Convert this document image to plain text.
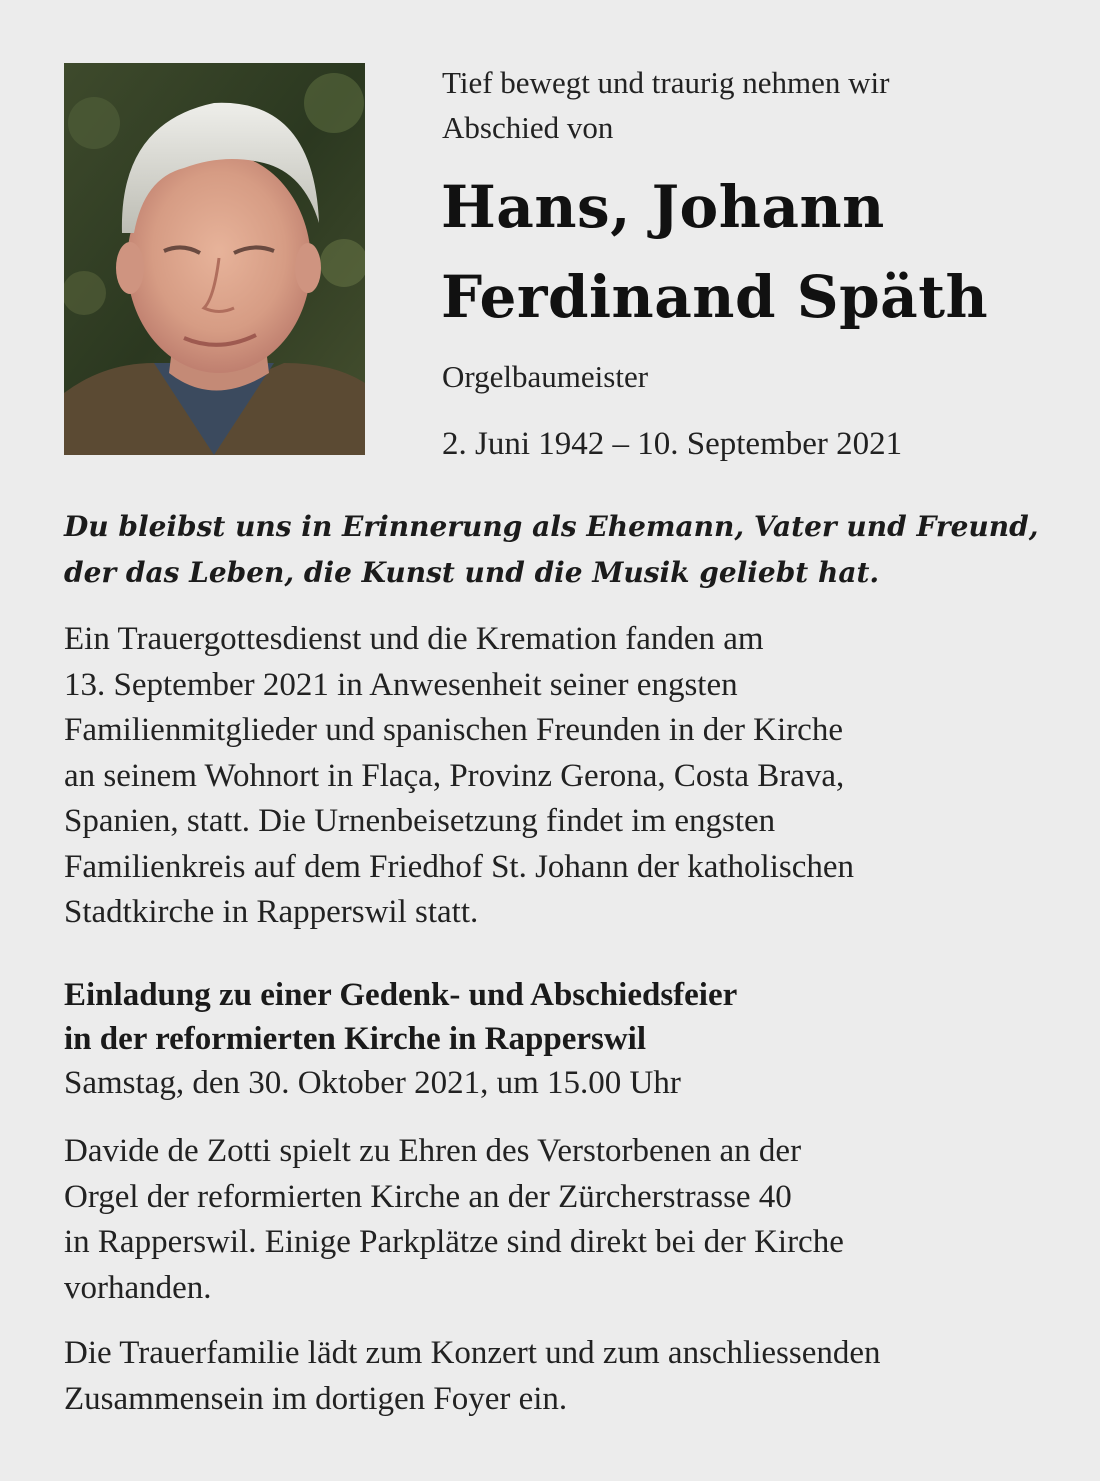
Tief bewegt und traurig nehmen wir
Abschied von
Hans, Johann
Ferdinand Späth
Orgelbaumeister
2. Juni 1942 – 10. September 2021
Du bleibst uns in Erinnerung als Ehemann, Vater und Freund,
der das Leben, die Kunst und die Musik geliebt hat.
Ein Trauergottesdienst und die Kremation fanden am
13. September 2021 in Anwesenheit seiner engsten
Familienmitglieder und spanischen Freunden in der Kirche
an seinem Wohnort in Flaça, Provinz Gerona, Costa Brava,
Spanien, statt. Die Urnenbeisetzung findet im engsten
Familienkreis auf dem Friedhof St. Johann der katholischen
Stadtkirche in Rapperswil statt.
Einladung zu einer Gedenk- und Abschiedsfeier
in der reformierten Kirche in Rapperswil
Samstag, den 30. Oktober 2021, um 15.00 Uhr
Davide de Zotti spielt zu Ehren des Verstorbenen an der
Orgel der reformierten Kirche an der Zürcherstrasse 40
in Rapperswil. Einige Parkplätze sind direkt bei der Kirche
vorhanden.
Die Trauerfamilie lädt zum Konzert und zum anschliessenden
Zusammensein im dortigen Foyer ein.
